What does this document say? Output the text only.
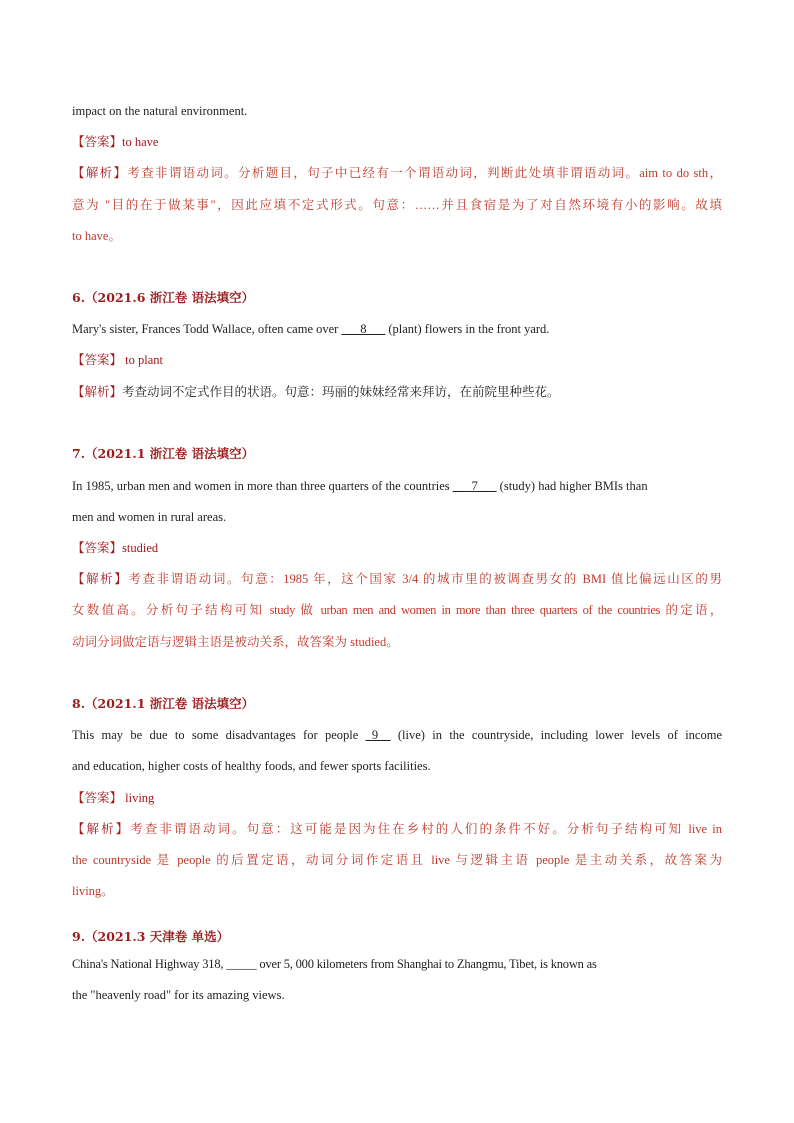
impact on the natural environment.
【答案】to have
【解析】考查非谓语动词。分析题目，句子中已经有一个谓语动词，判断此处填非谓语动词。aim to do sth，
意为 "目的在于做某事"，因此应填不定式形式。句意：……并且食宿是为了对自然环境有小的影响。故填
to have。
6.（2021.6 浙江卷 语法填空）
Mary's sister, Frances Todd Wallace, often came over ___8___ (plant) flowers in the front yard.
【答案】 to plant
【解析】考查动词不定式作目的状语。句意：玛丽的妹妹经常来拜访，在前院里种些花。
7.（2021.1 浙江卷 语法填空）
In 1985, urban men and women in more than three quarters of the countries ___7___ (study) had higher BMIs than
men and women in rural areas.
【答案】studied
【解析】考查非谓语动词。句意：1985 年，这个国家 3/4 的城市里的被调查男女的 BMI 值比偏远山区的男
女数值高。分析句子结构可知 study 做 urban men and women in more than three quarters of the countries 的定语，
动词分词做定语与逻辑主语是被动关系，故答案为 studied。
8.（2021.1 浙江卷 语法填空）
This may be due to some disadvantages for people _9__ (live) in the countryside, including lower levels of income
and education, higher costs of healthy foods, and fewer sports facilities.
【答案】 living
【解析】考查非谓语动词。句意：这可能是因为住在乡村的人们的条件不好。分析句子结构可知 live in
the countryside 是 people 的后置定语，动词分词作定语且 live 与逻辑主语 people 是主动关系，故答案为
living。
9.（2021.3 天津卷 单选）
China's National Highway 318, _____ over 5, 000 kilometers from Shanghai to Zhangmu, Tibet, is known as
the "heavenly road" for its amazing views.
